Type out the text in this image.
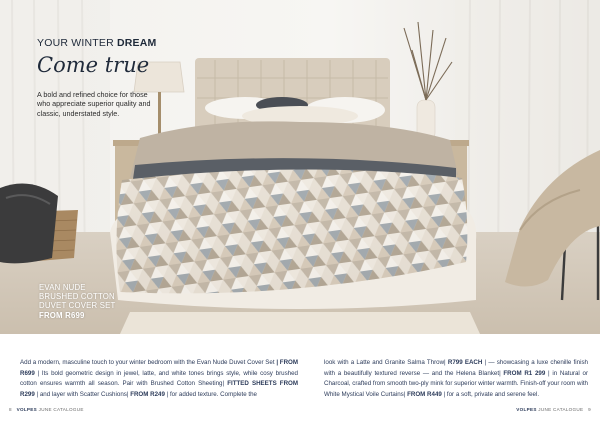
YOUR WINTER DREAM
Come true
A bold and refined choice for those who appreciate superior quality and classic, understated style.
EVAN NUDE
BRUSHED COTTON
DUVET COVER SET
FROM R699
Add a modern, masculine touch to your winter bedroom with the Evan Nude Duvet Cover Set | FROM R699 | Its bold geometric design in jewel, latte, and white tones brings style, while cosy brushed cotton ensures warmth all season. Pair with Brushed Cotton Sheeting| FITTED SHEETS FROM R299 | and layer with Scatter Cushions| FROM R249 | for added texture. Complete the
look with a Latte and Granite Salma Throw| R799 EACH | — showcasing a luxe chenille finish with a beautifully textured reverse — and the Helena Blanket| FROM R1 299 | in Natural or Charcoal, crafted from smooth two-ply mink for superior winter warmth. Finish-off your room with White Mystical Voile Curtains| FROM R449 | for a soft, private and serene feel.
8 VOLPES JUNE CATALOGUE	VOLPES JUNE CATALOGUE 9
